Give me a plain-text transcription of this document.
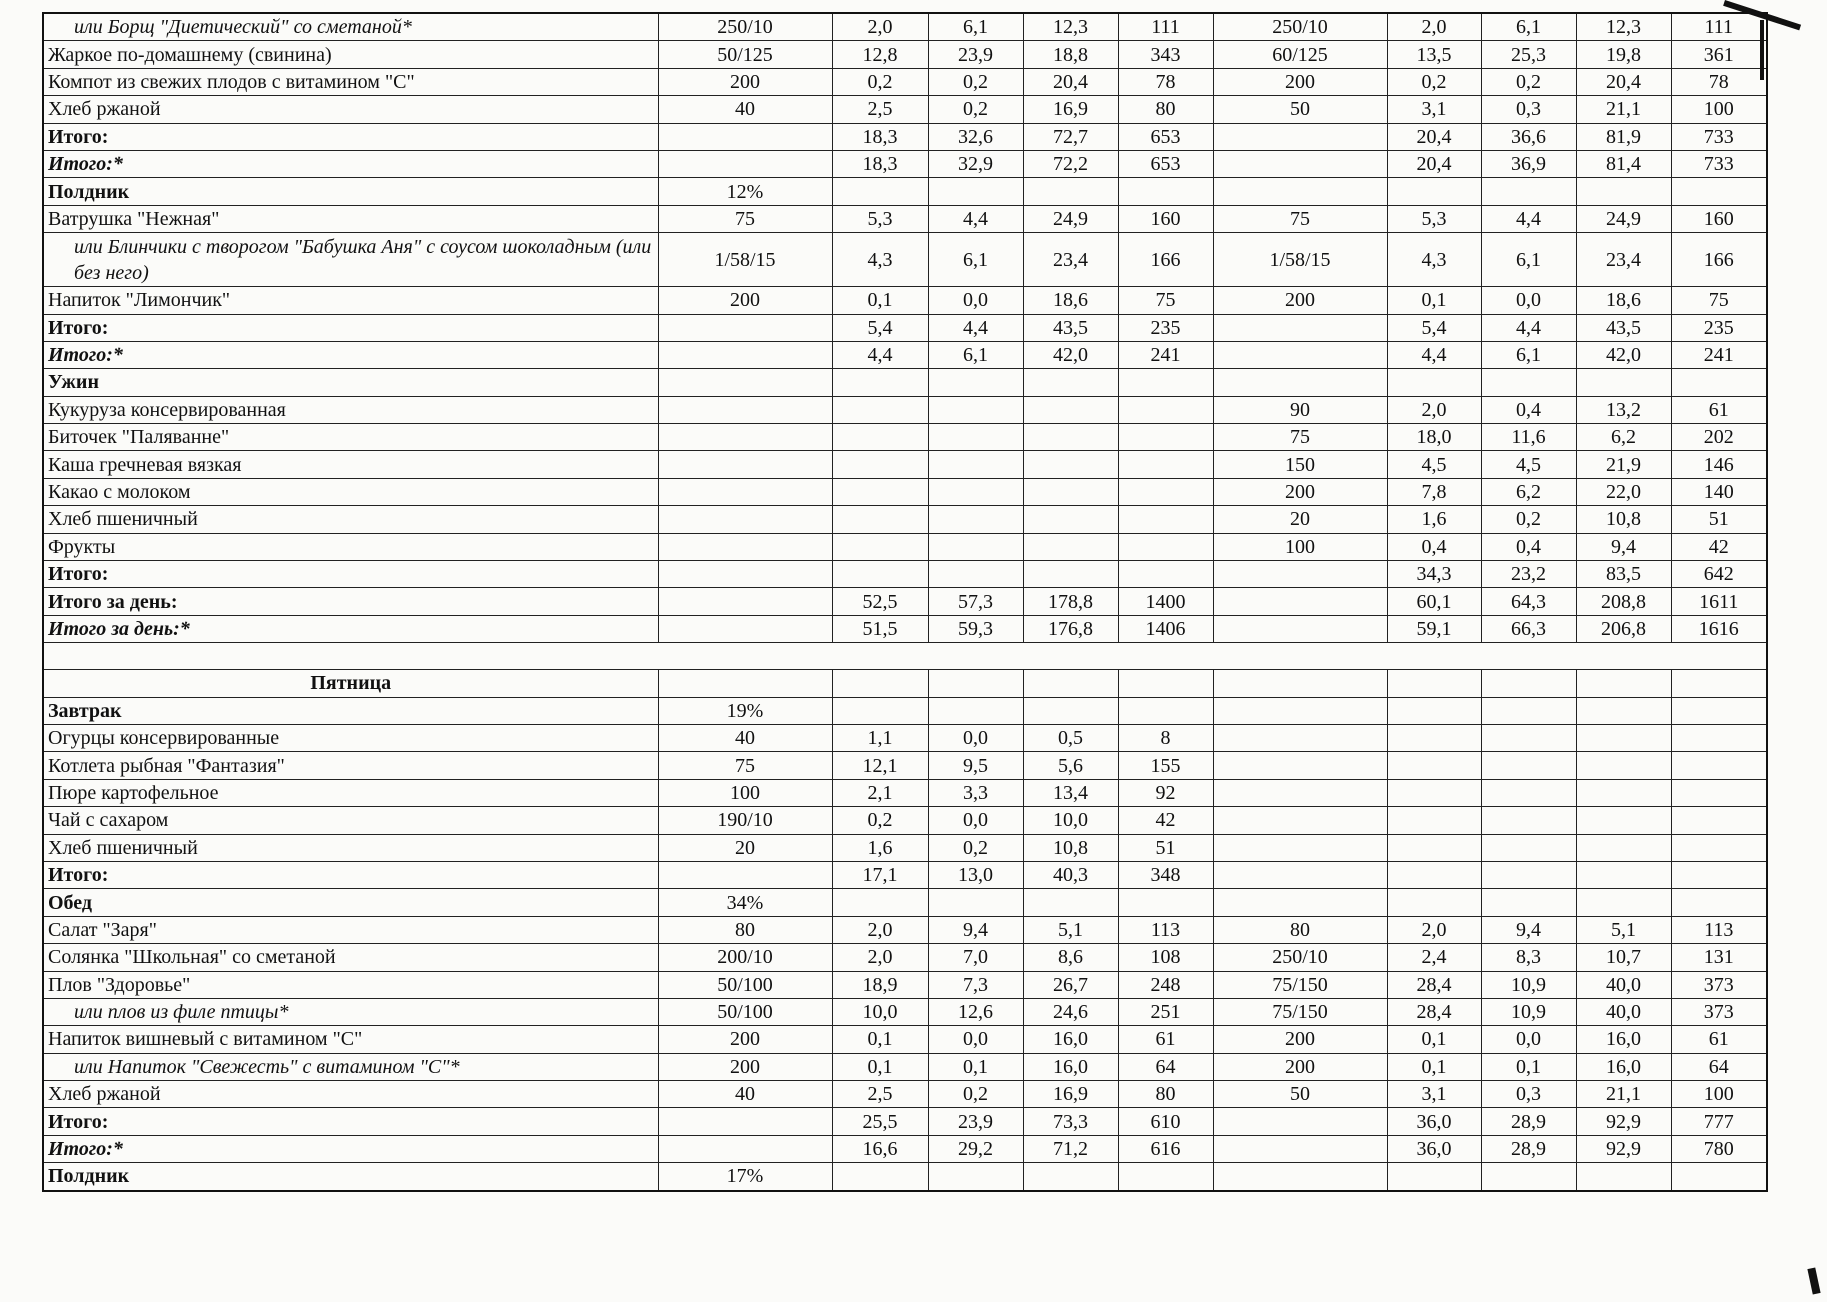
или Борщ "Диетический" со сметаной*	250/10	2,0	6,1	12,3	111	250/10	2,0	6,1	12,3	111
Жаркое по-домашнему (свинина)	50/125	12,8	23,9	18,8	343	60/125	13,5	25,3	19,8	361
Компот из свежих плодов с витамином "С"	200	0,2	0,2	20,4	78	200	0,2	0,2	20,4	78
Хлеб ржаной	40	2,5	0,2	16,9	80	50	3,1	0,3	21,1	100
Итого:		18,3	32,6	72,7	653		20,4	36,6	81,9	733
Итого:*		18,3	32,9	72,2	653		20,4	36,9	81,4	733
Полдник	12%									
Ватрушка "Нежная"	75	5,3	4,4	24,9	160	75	5,3	4,4	24,9	160
или Блинчики с творогом "Бабушка Аня" с соусом шоколадным (или без него)	1/58/15	4,3	6,1	23,4	166	1/58/15	4,3	6,1	23,4	166
Напиток "Лимончик"	200	0,1	0,0	18,6	75	200	0,1	0,0	18,6	75
Итого:		5,4	4,4	43,5	235		5,4	4,4	43,5	235
Итого:*		4,4	6,1	42,0	241		4,4	6,1	42,0	241
Ужин										
Кукуруза консервированная						90	2,0	0,4	13,2	61
Биточек "Паляванне"						75	18,0	11,6	6,2	202
Каша гречневая вязкая						150	4,5	4,5	21,9	146
Какао с молоком						200	7,8	6,2	22,0	140
Хлеб пшеничный						20	1,6	0,2	10,8	51
Фрукты						100	0,4	0,4	9,4	42
Итого:							34,3	23,2	83,5	642
Итого за день:		52,5	57,3	178,8	1400		60,1	64,3	208,8	1611
Итого за день:*		51,5	59,3	176,8	1406		59,1	66,3	206,8	1616

Пятница										
Завтрак	19%									
Огурцы консервированные	40	1,1	0,0	0,5	8					
Котлета рыбная "Фантазия"	75	12,1	9,5	5,6	155					
Пюре картофельное	100	2,1	3,3	13,4	92					
Чай с сахаром	190/10	0,2	0,0	10,0	42					
Хлеб пшеничный	20	1,6	0,2	10,8	51					
Итого:		17,1	13,0	40,3	348					
Обед	34%									
Салат "Заря"	80	2,0	9,4	5,1	113	80	2,0	9,4	5,1	113
Солянка "Школьная" со сметаной	200/10	2,0	7,0	8,6	108	250/10	2,4	8,3	10,7	131
Плов "Здоровье"	50/100	18,9	7,3	26,7	248	75/150	28,4	10,9	40,0	373
или плов из филе птицы*	50/100	10,0	12,6	24,6	251	75/150	28,4	10,9	40,0	373
Напиток вишневый с витамином "С"	200	0,1	0,0	16,0	61	200	0,1	0,0	16,0	61
или Напиток "Свежесть" с витамином "С"*	200	0,1	0,1	16,0	64	200	0,1	0,1	16,0	64
Хлеб ржаной	40	2,5	0,2	16,9	80	50	3,1	0,3	21,1	100
Итого:		25,5	23,9	73,3	610		36,0	28,9	92,9	777
Итого:*		16,6	29,2	71,2	616		36,0	28,9	92,9	780
Полдник	17%									
